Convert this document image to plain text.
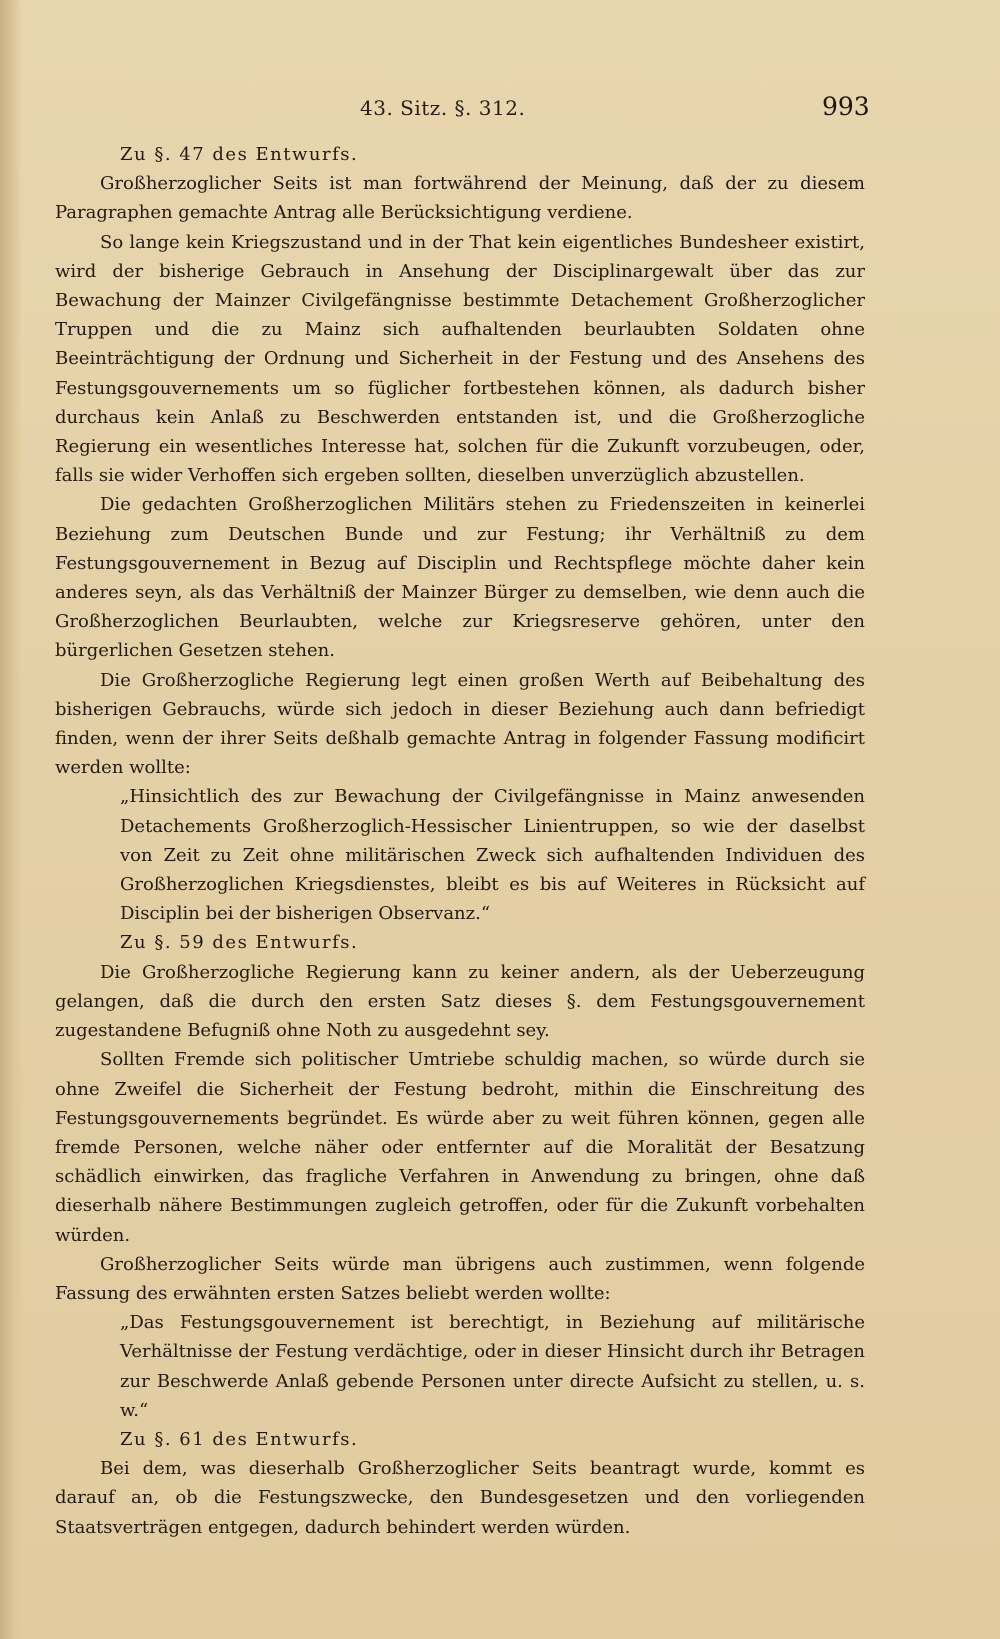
43. Sitz. §. 312.	993

Zu §. 47 des Entwurfs.

Großherzoglicher Seits ist man fortwährend der Meinung, daß der zu diesem Paragraphen gemachte Antrag alle Berücksichtigung verdiene.

So lange kein Kriegszustand und in der That kein eigentliches Bundesheer existirt, wird der bisherige Gebrauch in Ansehung der Disciplinargewalt über das zur Bewachung der Mainzer Civilgefängnisse bestimmte Detachement Großherzoglicher Truppen und die zu Mainz sich aufhaltenden beurlaubten Soldaten ohne Beeinträchtigung der Ordnung und Sicherheit in der Festung und des Ansehens des Festungsgouvernements um so füglicher fortbestehen können, als dadurch bisher durchaus kein Anlaß zu Beschwerden entstanden ist, und die Großherzogliche Regierung ein wesentliches Interesse hat, solchen für die Zukunft vorzubeugen, oder, falls sie wider Verhoffen sich ergeben sollten, dieselben unverzüglich abzustellen.

Die gedachten Großherzoglichen Militärs stehen zu Friedenszeiten in keinerlei Beziehung zum Deutschen Bunde und zur Festung; ihr Verhältniß zu dem Festungsgouvernement in Bezug auf Disciplin und Rechtspflege möchte daher kein anderes seyn, als das Verhältniß der Mainzer Bürger zu demselben, wie denn auch die Großherzoglichen Beurlaubten, welche zur Kriegsreserve gehören, unter den bürgerlichen Gesetzen stehen.

Die Großherzogliche Regierung legt einen großen Werth auf Beibehaltung des bisherigen Gebrauchs, würde sich jedoch in dieser Beziehung auch dann befriedigt finden, wenn der ihrer Seits deßhalb gemachte Antrag in folgender Fassung modificirt werden wollte:

„Hinsichtlich des zur Bewachung der Civilgefängnisse in Mainz anwesenden Detachements Großherzoglich-Hessischer Linientruppen, so wie der daselbst von Zeit zu Zeit ohne militärischen Zweck sich aufhaltenden Individuen des Großherzoglichen Kriegsdienstes, bleibt es bis auf Weiteres in Rücksicht auf Disciplin bei der bisherigen Observanz.“

Zu §. 59 des Entwurfs.

Die Großherzogliche Regierung kann zu keiner andern, als der Ueberzeugung gelangen, daß die durch den ersten Satz dieses §. dem Festungsgouvernement zugestandene Befugniß ohne Noth zu ausgedehnt sey.

Sollten Fremde sich politischer Umtriebe schuldig machen, so würde durch sie ohne Zweifel die Sicherheit der Festung bedroht, mithin die Einschreitung des Festungsgouvernements begründet. Es würde aber zu weit führen können, gegen alle fremde Personen, welche näher oder entfernter auf die Moralität der Besatzung schädlich einwirken, das fragliche Verfahren in Anwendung zu bringen, ohne daß dieserhalb nähere Bestimmungen zugleich getroffen, oder für die Zukunft vorbehalten würden.

Großherzoglicher Seits würde man übrigens auch zustimmen, wenn folgende Fassung des erwähnten ersten Satzes beliebt werden wollte:

„Das Festungsgouvernement ist berechtigt, in Beziehung auf militärische Verhältnisse der Festung verdächtige, oder in dieser Hinsicht durch ihr Betragen zur Beschwerde Anlaß gebende Personen unter directe Aufsicht zu stellen, u. s. w.“

Zu §. 61 des Entwurfs.

Bei dem, was dieserhalb Großherzoglicher Seits beantragt wurde, kommt es darauf an, ob die Festungszwecke, den Bundesgesetzen und den vorliegenden Staatsverträgen entgegen, dadurch behindert werden würden.
